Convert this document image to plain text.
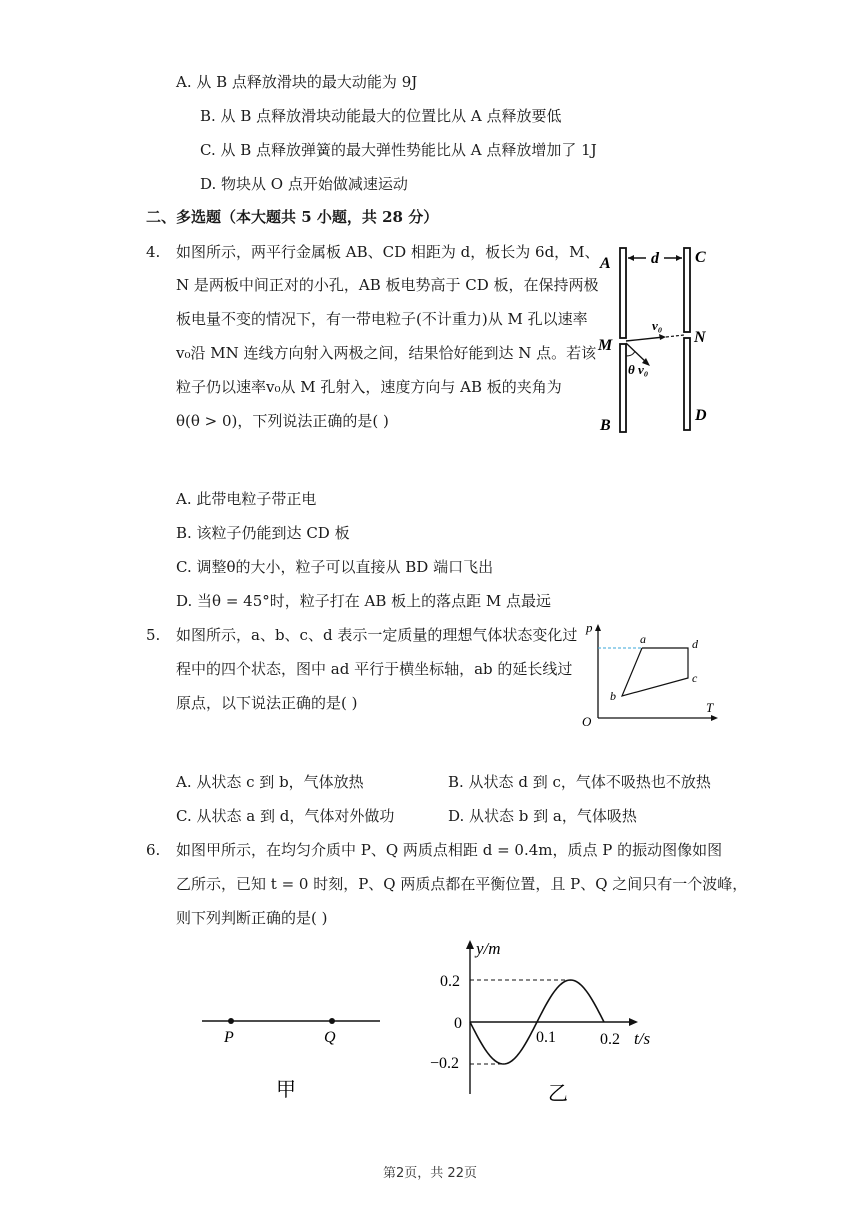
A. 从 B 点释放滑块的最大动能为 9J
B. 从 B 点释放滑块动能最大的位置比从 A 点释放要低
C. 从 B 点释放弹簧的最大弹性势能比从 A 点释放增加了 1J
D. 物块从 O 点开始做减速运动
二、多选题（本大题共 5 小题，共 28 分）
4. 如图所示，两平行金属板 AB、CD 相距为 d，板长为 6d，M、
N 是两板中间正对的小孔，AB 板电势高于 CD 板，在保持两极
板电量不变的情况下，有一带电粒子(不计重力)从 M 孔以速率
v₀沿 MN 连线方向射入两极之间，结果恰好能到达 N 点。若该
粒子仍以速率v₀从 M 孔射入，速度方向与 AB 板的夹角为
θ(θ > 0)，下列说法正确的是( )
d
A	C
B
D
M	N
v₀
θ v₀
A. 此带电粒子带正电
B. 该粒子仍能到达 CD 板
C. 调整θ的大小，粒子可以直接从 BD 端口飞出
D. 当θ = 45°时，粒子打在 AB 板上的落点距 M 点最远
5. 如图所示，a、b、c、d 表示一定质量的理想气体状态变化过
程中的四个状态，图中 ad 平行于横坐标轴，ab 的延长线过
原点，以下说法正确的是( )
p
T
O
a	d
c
b
A. 从状态 c 到 b，气体放热	B. 从状态 d 到 c，气体不吸热也不放热
C. 从状态 a 到 d，气体对外做功	D. 从状态 b 到 a，气体吸热
6. 如图甲所示，在均匀介质中 P、Q 两质点相距 d = 0.4m，质点 P 的振动图像如图
乙所示，已知 t = 0 时刻，P、Q 两质点都在平衡位置，且 P、Q 之间只有一个波峰，
则下列判断正确的是( )
P	Q
甲
y/m
t/s
0.2
0
−0.2
0.1	0.2
乙
第2页，共 22页
